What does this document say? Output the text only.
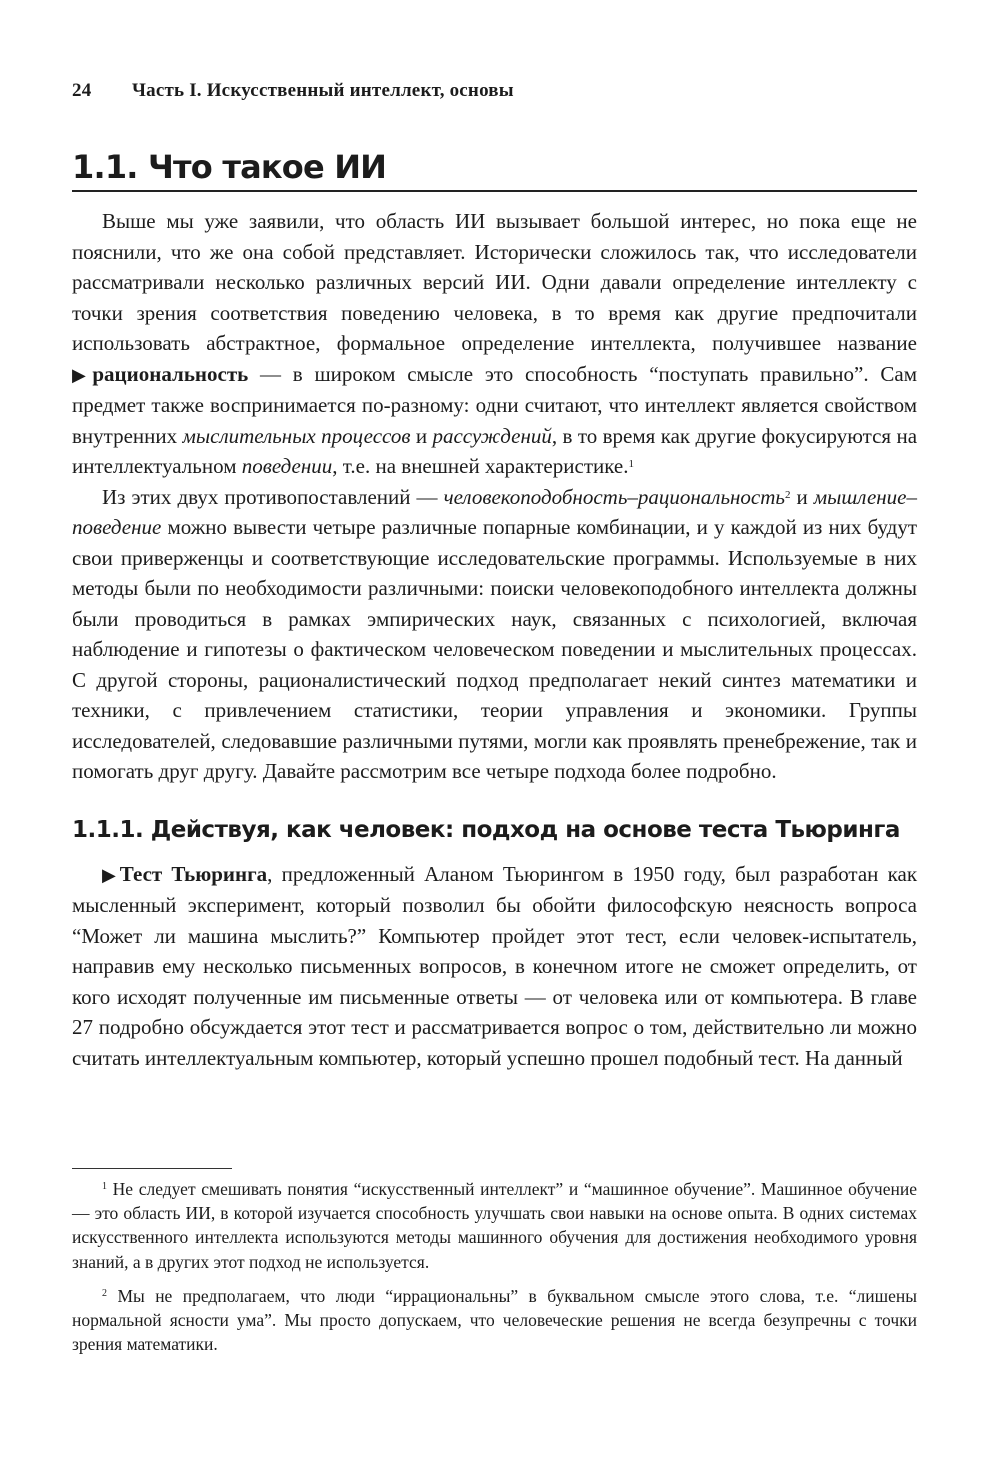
24 Часть I. Искусственный интеллект, основы
1.1. Что такое ИИ

Выше мы уже заявили, что область ИИ вызывает большой интерес, но пока еще не пояснили, что же она собой представляет. Исторически сложилось так, что исследователи рассматривали несколько различных версий ИИ. Одни давали определение интеллекту с точки зрения соответствия поведению человека, в то время как другие предпочитали использовать абстрактное, формальное определение интеллекта, получившее название ▶рациональность — в широком смысле это способность “поступать правильно”. Сам предмет также воспринимается по-разному: одни считают, что интеллект является свойством внутренних мыслительных процессов и рассуждений, в то время как другие фокусируются на интеллектуальном поведении, т.е. на внешней характеристике.$^1$

Из этих двух противопоставлений — человекоподобность–рациональность$^2$ и мышление–поведение можно вывести четыре различные попарные комбинации, и у каждой из них будут свои приверженцы и соответствующие исследовательские программы. Используемые в них методы были по необходимости различными: поиски человекоподобного интеллекта должны были проводиться в рамках эмпирических наук, связанных с психологией, включая наблюдение и гипотезы о фактическом человеческом поведении и мыслительных процессах. С другой стороны, рационалистический подход предполагает некий синтез математики и техники, с привлечением статистики, теории управления и экономики. Группы исследователей, следовавшие различными путями, могли как проявлять пренебрежение, так и помогать друг другу. Давайте рассмотрим все четыре подхода более подробно.

1.1.1. Действуя, как человек: подход на основе теста Тьюринга

▶Тест Тьюринга, предложенный Аланом Тьюрингом в 1950 году, был разработан как мысленный эксперимент, который позволил бы обойти философскую неясность вопроса “Может ли машина мыслить?” Компьютер пройдет этот тест, если человек-испытатель, направив ему несколько письменных вопросов, в конечном итоге не сможет определить, от кого исходят полученные им письменные ответы — от человека или от компьютера. В главе 27 подробно обсуждается этот тест и рассматривается вопрос о том, действительно ли можно считать интеллектуальным компьютер, который успешно прошел подобный тест. На данный

$^1$ Не следует смешивать понятия “искусственный интеллект” и “машинное обучение”. Машинное обучение — это область ИИ, в которой изучается способность улучшать свои навыки на основе опыта. В одних системах искусственного интеллекта используются методы машинного обучения для достижения необходимого уровня знаний, а в других этот подход не используется.

$^2$ Мы не предполагаем, что люди “иррациональны” в буквальном смысле этого слова, т.е. “лишены нормальной ясности ума”. Мы просто допускаем, что человеческие решения не всегда безупречны с точки зрения математики.
